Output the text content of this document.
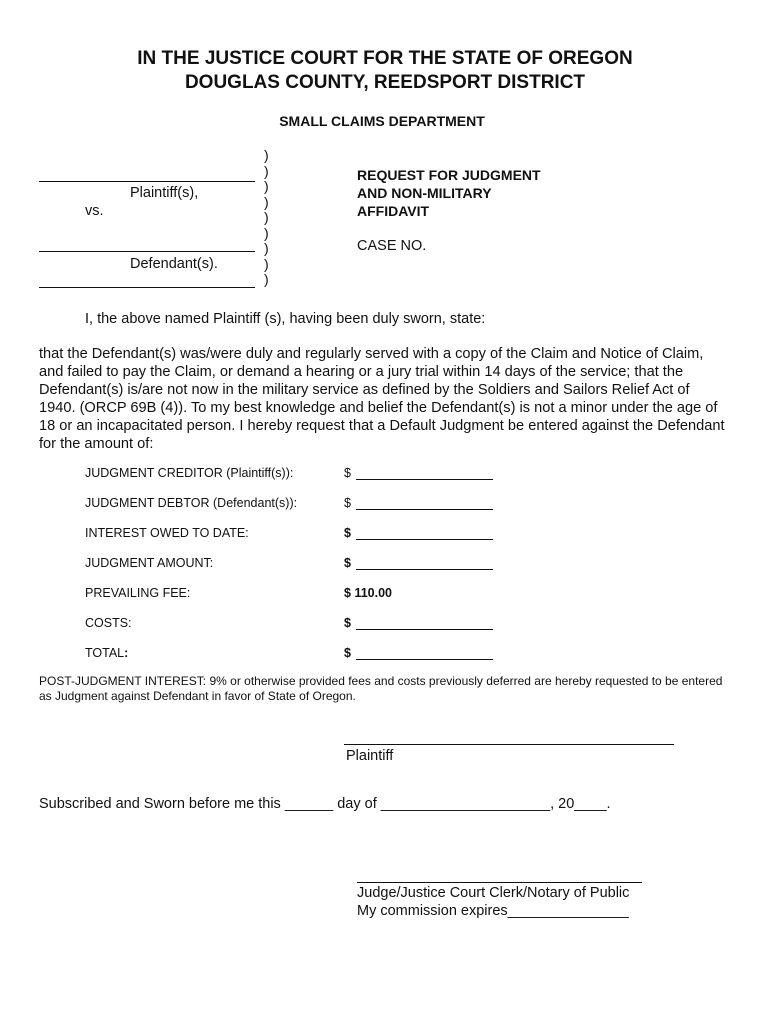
IN THE JUSTICE COURT FOR THE STATE OF OREGON
DOUGLAS COUNTY, REEDSPORT DISTRICT
SMALL CLAIMS DEPARTMENT
Plaintiff(s),
vs.
Defendant(s).
)
)
)
)
)
)
)
)
)
REQUEST FOR JUDGMENT
AND NON-MILITARY
AFFIDAVIT
CASE NO.
I, the above named Plaintiff (s), having been duly sworn, state:
that the Defendant(s) was/were duly and regularly served with a copy of the Claim and Notice of Claim, and failed to pay the Claim, or demand a hearing or a jury trial within 14 days of the service; that the Defendant(s) is/are not now in the military service as defined by the Soldiers and Sailors Relief Act of 1940. (ORCP 69B (4)). To my best knowledge and belief the Defendant(s) is not a minor under the age of 18 or an incapacitated person. I hereby request that a Default Judgment be entered against the Defendant for the amount of:
JUDGMENT CREDITOR (Plaintiff(s)):	$
JUDGMENT DEBTOR (Defendant(s)):	$
INTEREST OWED TO DATE:	$
JUDGMENT AMOUNT:	$
PREVAILING FEE:	$ 110.00
COSTS:	$
TOTAL:	$
POST-JUDGMENT INTEREST: 9% or otherwise provided fees and costs previously deferred are hereby requested to be entered as Judgment against Defendant in favor of State of Oregon.
Plaintiff
Subscribed and Sworn before me this ______ day of _____________________, 20____.
Judge/Justice Court Clerk/Notary of Public
My commission expires_______________
